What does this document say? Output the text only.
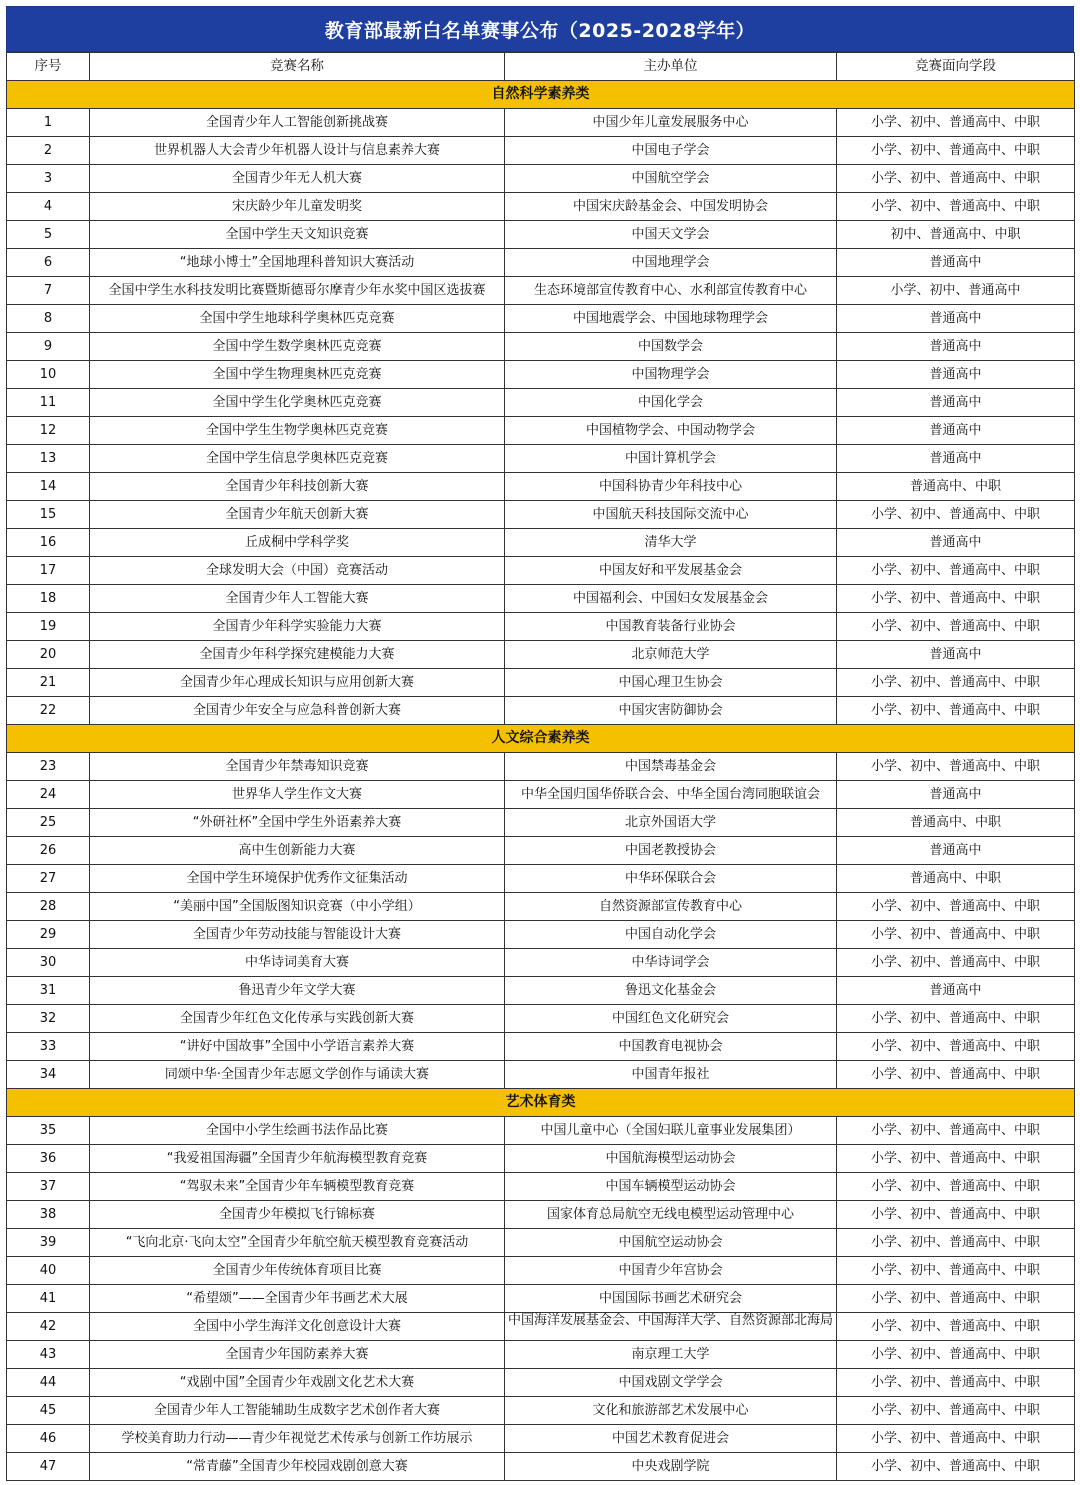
教育部最新白名单赛事公布（2025-2028学年）
序号	竞赛名称	主办单位	竞赛面向学段
自然科学素养类			
1	全国青少年人工智能创新挑战赛	中国少年儿童发展服务中心	小学、初中、普通高中、中职
2	世界机器人大会青少年机器人设计与信息素养大赛	中国电子学会	小学、初中、普通高中、中职
3	全国青少年无人机大赛	中国航空学会	小学、初中、普通高中、中职
4	宋庆龄少年儿童发明奖	中国宋庆龄基金会、中国发明协会	小学、初中、普通高中、中职
5	全国中学生天文知识竞赛	中国天文学会	初中、普通高中、中职
6	“地球小博士”全国地理科普知识大赛活动	中国地理学会	普通高中
7	全国中学生水科技发明比赛暨斯德哥尔摩青少年水奖中国区选拔赛	生态环境部宣传教育中心、水利部宣传教育中心	小学、初中、普通高中
8	全国中学生地球科学奥林匹克竞赛	中国地震学会、中国地球物理学会	普通高中
9	全国中学生数学奥林匹克竞赛	中国数学会	普通高中
10	全国中学生物理奥林匹克竞赛	中国物理学会	普通高中
11	全国中学生化学奥林匹克竞赛	中国化学会	普通高中
12	全国中学生生物学奥林匹克竞赛	中国植物学会、中国动物学会	普通高中
13	全国中学生信息学奥林匹克竞赛	中国计算机学会	普通高中
14	全国青少年科技创新大赛	中国科协青少年科技中心	普通高中、中职
15	全国青少年航天创新大赛	中国航天科技国际交流中心	小学、初中、普通高中、中职
16	丘成桐中学科学奖	清华大学	普通高中
17	全球发明大会（中国）竞赛活动	中国友好和平发展基金会	小学、初中、普通高中、中职
18	全国青少年人工智能大赛	中国福利会、中国妇女发展基金会	小学、初中、普通高中、中职
19	全国青少年科学实验能力大赛	中国教育装备行业协会	小学、初中、普通高中、中职
20	全国青少年科学探究建模能力大赛	北京师范大学	普通高中
21	全国青少年心理成长知识与应用创新大赛	中国心理卫生协会	小学、初中、普通高中、中职
22	全国青少年安全与应急科普创新大赛	中国灾害防御协会	小学、初中、普通高中、中职
人文综合素养类			
23	全国青少年禁毒知识竞赛	中国禁毒基金会	小学、初中、普通高中、中职
24	世界华人学生作文大赛	中华全国归国华侨联合会、中华全国台湾同胞联谊会	普通高中
25	“外研社杯”全国中学生外语素养大赛	北京外国语大学	普通高中、中职
26	高中生创新能力大赛	中国老教授协会	普通高中
27	全国中学生环境保护优秀作文征集活动	中华环保联合会	普通高中、中职
28	“美丽中国”全国版图知识竞赛（中小学组）	自然资源部宣传教育中心	小学、初中、普通高中、中职
29	全国青少年劳动技能与智能设计大赛	中国自动化学会	小学、初中、普通高中、中职
30	中华诗词美育大赛	中华诗词学会	小学、初中、普通高中、中职
31	鲁迅青少年文学大赛	鲁迅文化基金会	普通高中
32	全国青少年红色文化传承与实践创新大赛	中国红色文化研究会	小学、初中、普通高中、中职
33	“讲好中国故事”全国中小学语言素养大赛	中国教育电视协会	小学、初中、普通高中、中职
34	同颂中华·全国青少年志愿文学创作与诵读大赛	中国青年报社	小学、初中、普通高中、中职
艺术体育类			
35	全国中小学生绘画书法作品比赛	中国儿童中心（全国妇联儿童事业发展集团）	小学、初中、普通高中、中职
36	“我爱祖国海疆”全国青少年航海模型教育竞赛	中国航海模型运动协会	小学、初中、普通高中、中职
37	“驾驭未来”全国青少年车辆模型教育竞赛	中国车辆模型运动协会	小学、初中、普通高中、中职
38	全国青少年模拟飞行锦标赛	国家体育总局航空无线电模型运动管理中心	小学、初中、普通高中、中职
39	“飞向北京·飞向太空”全国青少年航空航天模型教育竞赛活动	中国航空运动协会	小学、初中、普通高中、中职
40	全国青少年传统体育项目比赛	中国青少年宫协会	小学、初中、普通高中、中职
41	“希望颂”——全国青少年书画艺术大展	中国国际书画艺术研究会	小学、初中、普通高中、中职
42	全国中小学生海洋文化创意设计大赛	中国海洋发展基金会、中国海洋大学、自然资源部北海局	小学、初中、普通高中、中职
43	全国青少年国防素养大赛	南京理工大学	小学、初中、普通高中、中职
44	“戏剧中国”全国青少年戏剧文化艺术大赛	中国戏剧文学学会	小学、初中、普通高中、中职
45	全国青少年人工智能辅助生成数字艺术创作者大赛	文化和旅游部艺术发展中心	小学、初中、普通高中、中职
46	学校美育助力行动——青少年视觉艺术传承与创新工作坊展示	中国艺术教育促进会	小学、初中、普通高中、中职
47	“常青藤”全国青少年校园戏剧创意大赛	中央戏剧学院	小学、初中、普通高中、中职
